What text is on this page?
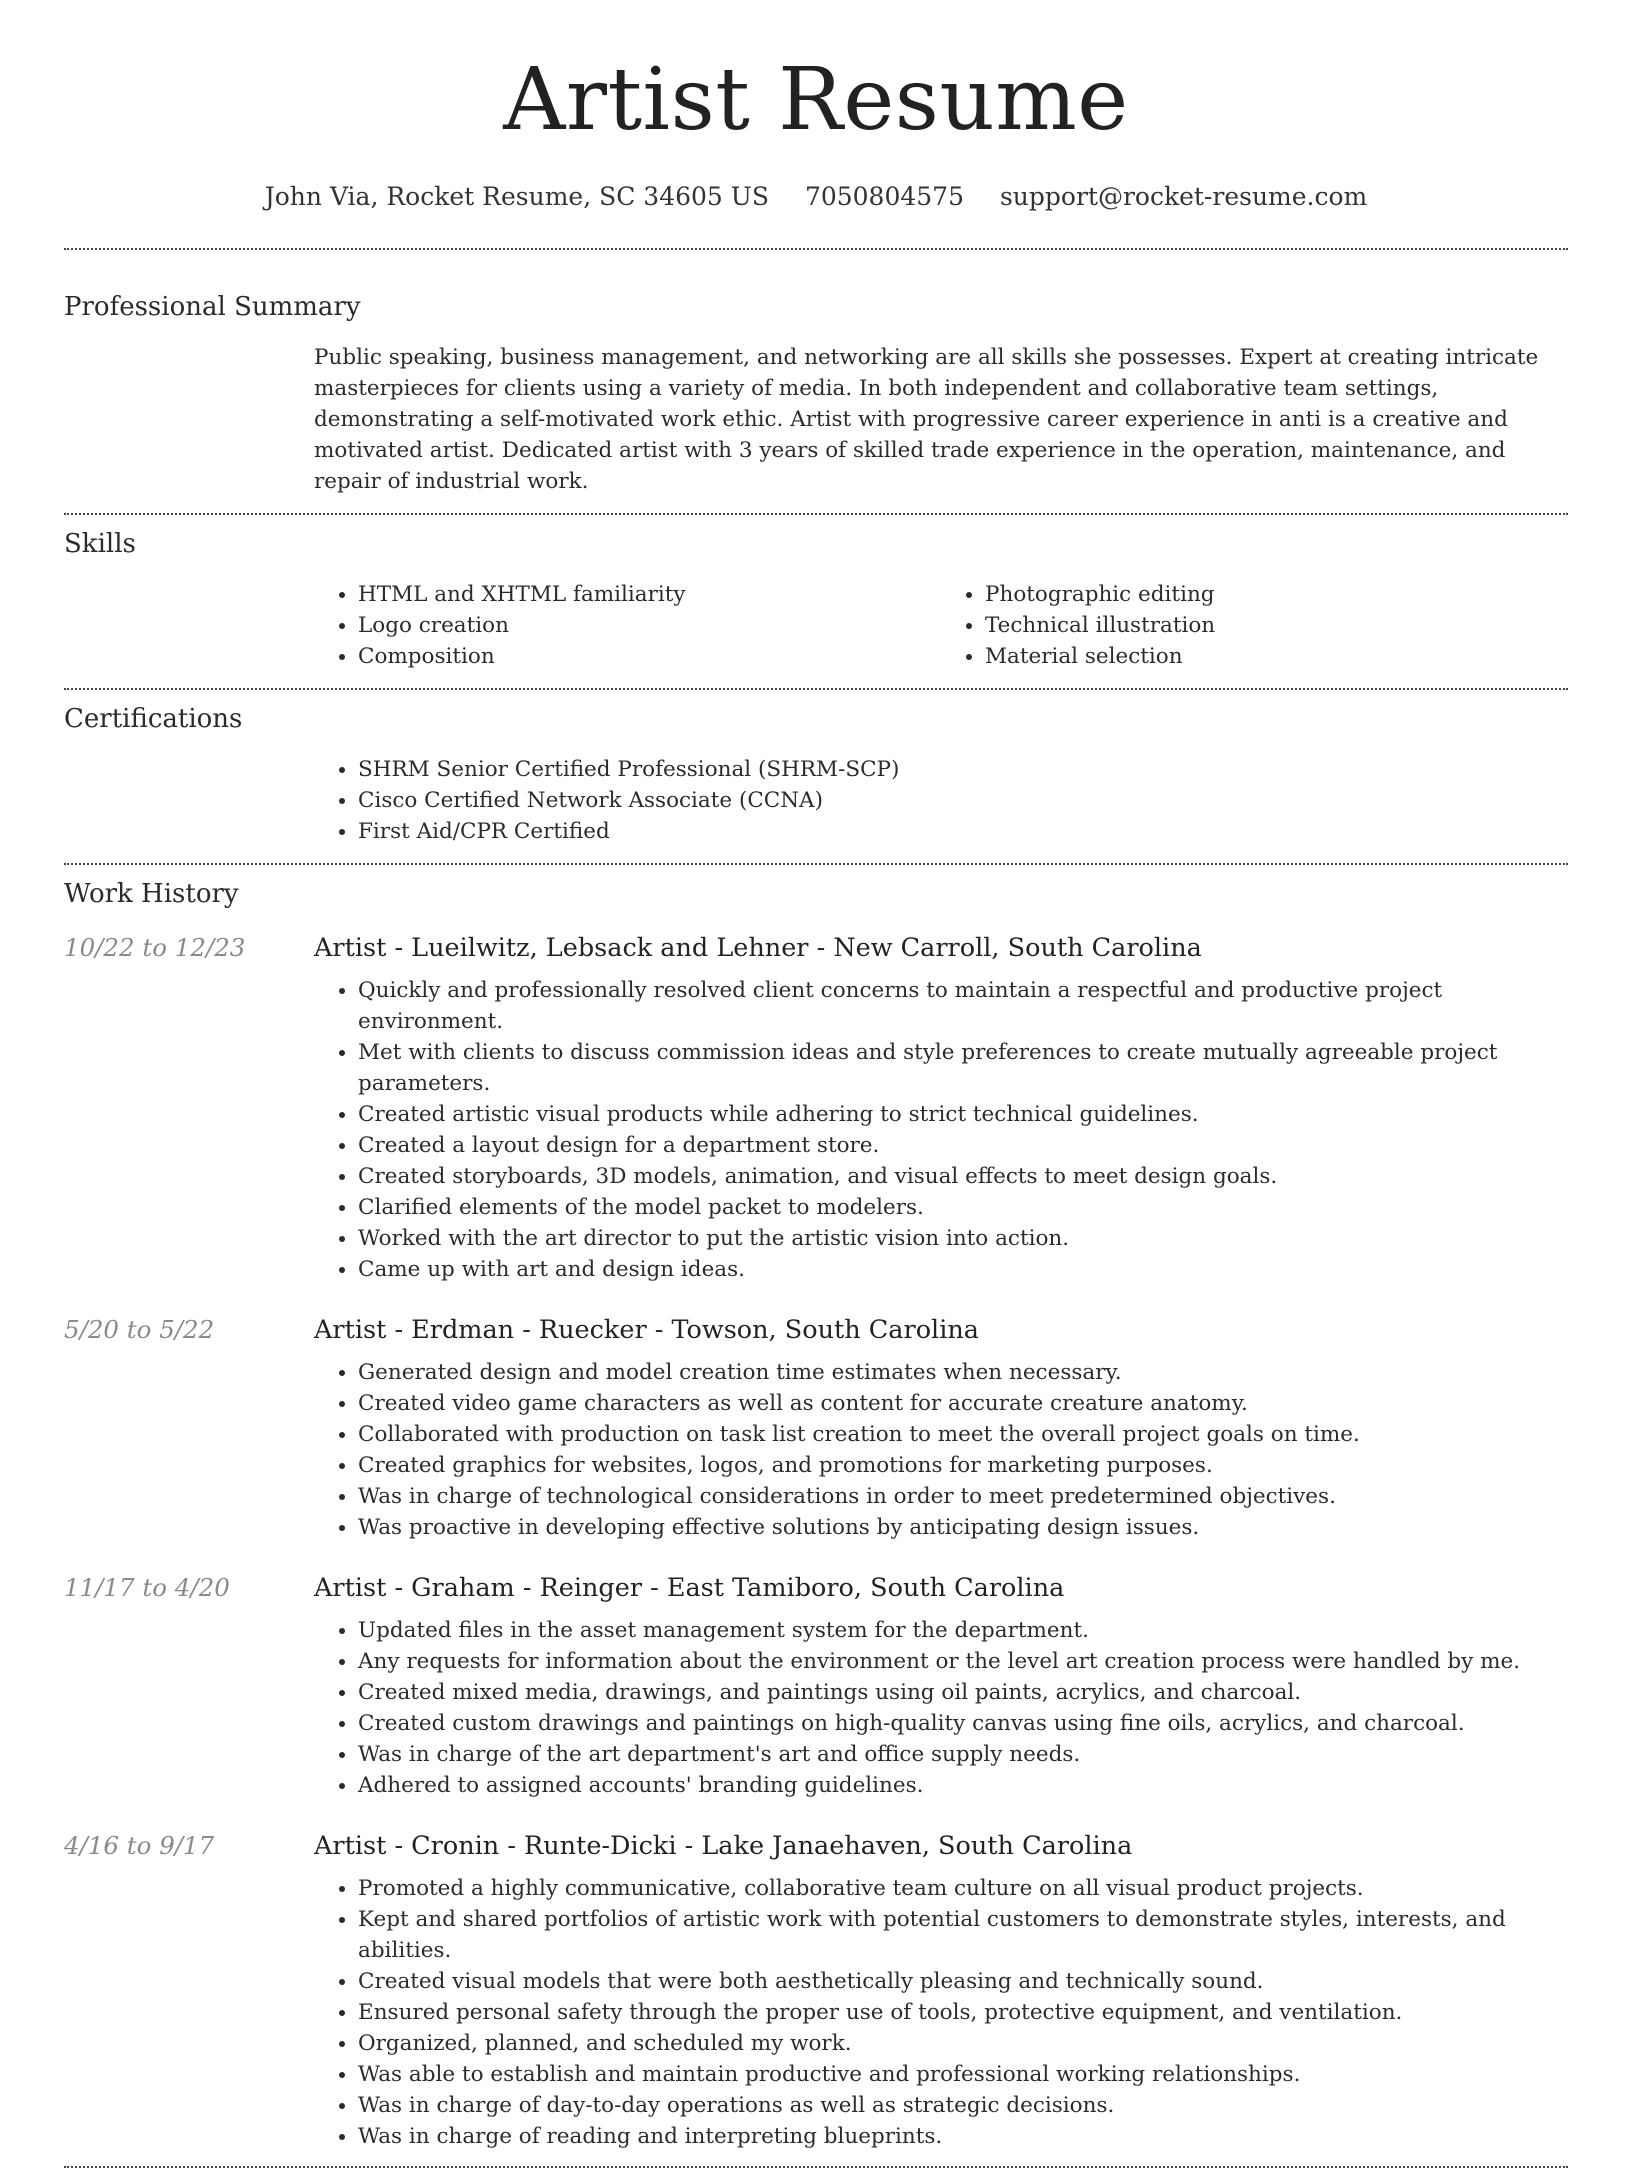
Artist Resume
John Via, Rocket Resume, SC 34605 US 7050804575 support@rocket-resume.com
Professional Summary

Public speaking, business management, and networking are all skills she possesses. Expert at creating intricate masterpieces for clients using a variety of media. In both independent and collaborative team settings, demonstrating a self-motivated work ethic. Artist with progressive career experience in anti is a creative and motivated artist. Dedicated artist with 3 years of skilled trade experience in the operation, maintenance, and repair of industrial work.

Skills
• HTML and XHTML familiarity
• Logo creation
• Composition
• Photographic editing
• Technical illustration
• Material selection
Certifications
• SHRM Senior Certified Professional (SHRM-SCP)
• Cisco Certified Network Associate (CCNA)
• First Aid/CPR Certified
Work History
10/22 to 12/23	Artist - Lueilwitz, Lebsack and Lehner - New Carroll, South Carolina
• Quickly and professionally resolved client concerns to maintain a respectful and productive project environment.
• Met with clients to discuss commission ideas and style preferences to create mutually agreeable project parameters.
• Created artistic visual products while adhering to strict technical guidelines.
• Created a layout design for a department store.
• Created storyboards, 3D models, animation, and visual effects to meet design goals.
• Clarified elements of the model packet to modelers.
• Worked with the art director to put the artistic vision into action.
• Came up with art and design ideas.
5/20 to 5/22	Artist - Erdman - Ruecker - Towson, South Carolina
• Generated design and model creation time estimates when necessary.
• Created video game characters as well as content for accurate creature anatomy.
• Collaborated with production on task list creation to meet the overall project goals on time.
• Created graphics for websites, logos, and promotions for marketing purposes.
• Was in charge of technological considerations in order to meet predetermined objectives.
• Was proactive in developing effective solutions by anticipating design issues.
11/17 to 4/20	Artist - Graham - Reinger - East Tamiboro, South Carolina
• Updated files in the asset management system for the department.
• Any requests for information about the environment or the level art creation process were handled by me.
• Created mixed media, drawings, and paintings using oil paints, acrylics, and charcoal.
• Created custom drawings and paintings on high-quality canvas using fine oils, acrylics, and charcoal.
• Was in charge of the art department's art and office supply needs.
• Adhered to assigned accounts' branding guidelines.
4/16 to 9/17	Artist - Cronin - Runte-Dicki - Lake Janaehaven, South Carolina
• Promoted a highly communicative, collaborative team culture on all visual product projects.
• Kept and shared portfolios of artistic work with potential customers to demonstrate styles, interests, and abilities.
• Created visual models that were both aesthetically pleasing and technically sound.
• Ensured personal safety through the proper use of tools, protective equipment, and ventilation.
• Organized, planned, and scheduled my work.
• Was able to establish and maintain productive and professional working relationships.
• Was in charge of day-to-day operations as well as strategic decisions.
• Was in charge of reading and interpreting blueprints.
